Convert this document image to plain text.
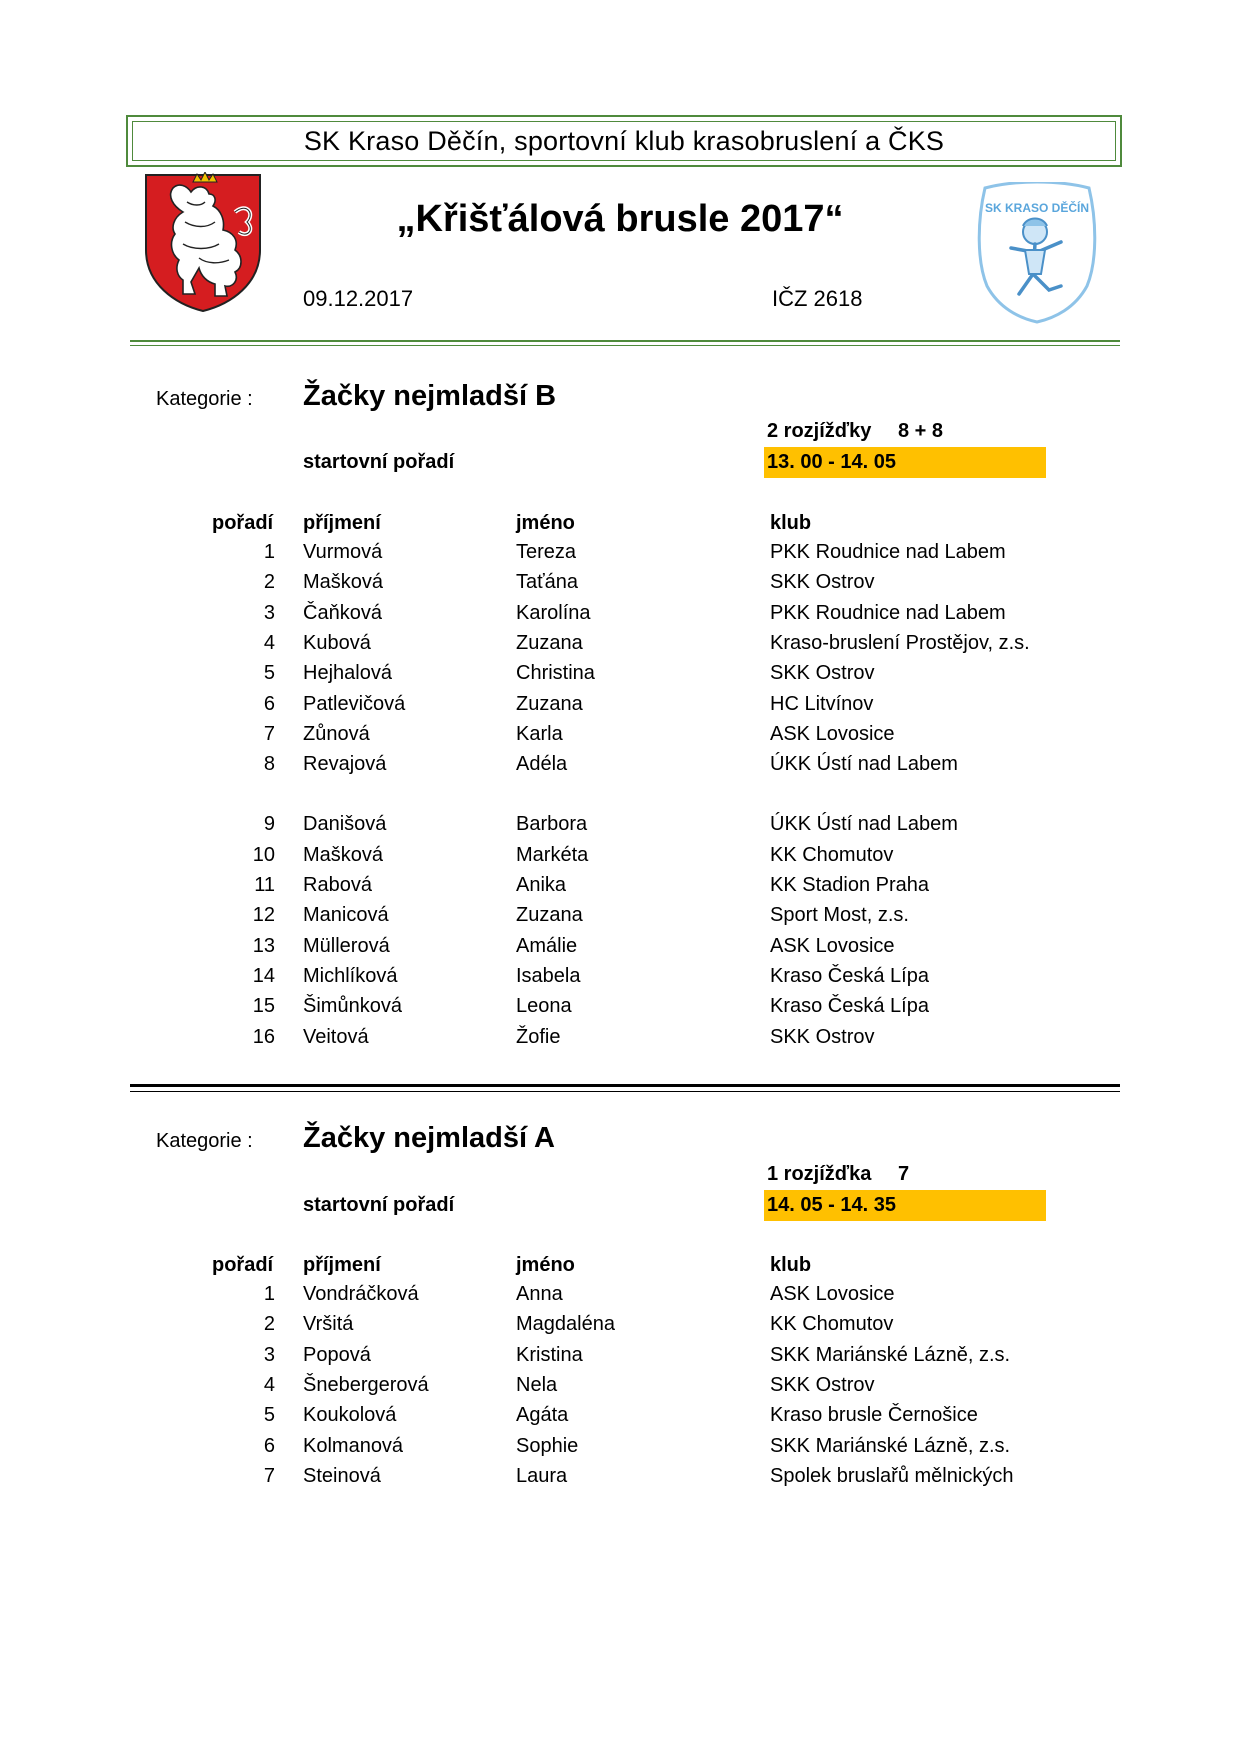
SK Kraso Děčín, sportovní klub krasobruslení a ČKS
„Křišťálová brusle 2017“
09.12.2017	IČZ 2618
SK KRASO DĚČÍN
Kategorie : Žačky nejmladší B
2 rozjížďky 8 + 8
startovní pořadí	13. 00 - 14. 05
pořadí příjmení	jméno	klub
1 Vurmová	Tereza	PKK Roudnice nad Labem
2 Mašková	Taťána	SKK Ostrov
3 Čaňková	Karolína	PKK Roudnice nad Labem
4 Kubová	Zuzana	Kraso-bruslení Prostějov, z.s.
5 Hejhalová	Christina	SKK Ostrov
6 Patlevičová	Zuzana	HC Litvínov
7 Zůnová	Karla	ASK Lovosice
8 Revajová	Adéla	ÚKK Ústí nad Labem
9 Danišová	Barbora	ÚKK Ústí nad Labem
10 Mašková	Markéta	KK Chomutov
11 Rabová	Anika	KK Stadion Praha
12 Manicová	Zuzana	Sport Most, z.s.
13 Müllerová	Amálie	ASK Lovosice
14 Michlíková	Isabela	Kraso Česká Lípa
15 Šimůnková	Leona	Kraso Česká Lípa
16 Veitová	Žofie	SKK Ostrov
Kategorie : Žačky nejmladší A
1 rozjížďka 7
startovní pořadí	14. 05 - 14. 35
pořadí příjmení	jméno	klub
1 Vondráčková	Anna	ASK Lovosice
2 Vršitá	Magdaléna	KK Chomutov
3 Popová	Kristina	SKK Mariánské Lázně, z.s.
4 Šnebergerová	Nela	SKK Ostrov
5 Koukolová	Agáta	Kraso brusle Černošice
6 Kolmanová	Sophie	SKK Mariánské Lázně, z.s.
7 Steinová	Laura	Spolek bruslařů mělnických
